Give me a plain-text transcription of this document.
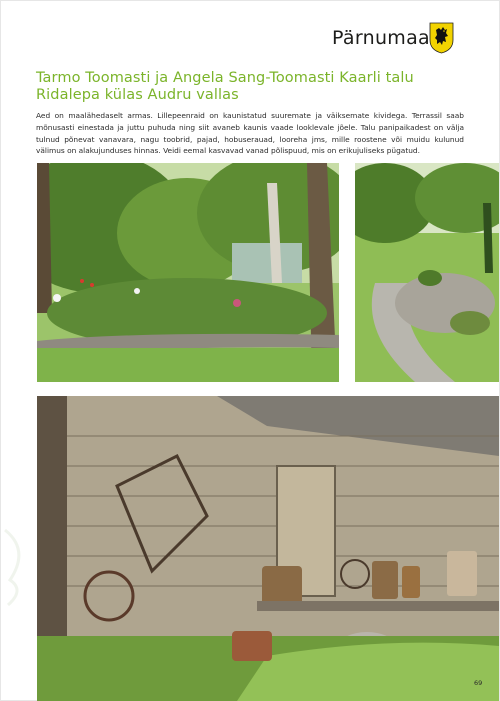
Pärnumaa
Tarmo Toomasti ja Angela Sang-Toomasti Kaarli talu
Ridalepa külas Audru vallas

Aed on maalähedaselt armas. Lillepeenraid on kaunistatud suuremate ja väiksemate kividega. Terrassil saab mõnusasti einestada ja juttu puhuda ning siit avaneb kaunis vaade looklevale jõele. Talu panipaikadest on välja tulnud põnevat vanavara, nagu toobrid, pajad, hobuserauad, looreha jms, mille roostene või muidu kulunud välimus on alakujunduses hinnas. Veidi eemal kasvavad vanad põlispuud, mis on erikujuliseks pügatud.

69
